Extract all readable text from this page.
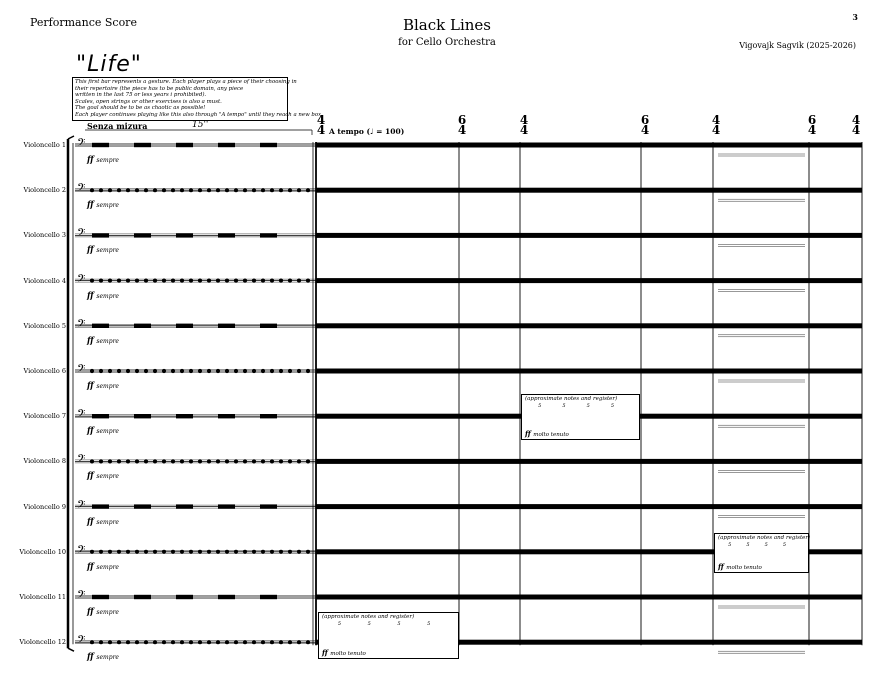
Performance Score	Black Lines
for Cello Orchestra	Vigovajk Sagvik (2025-2026)
3
"Life"
This first bar represents a gesture. Each player plays a piece of their choosing in
their repertoire (the piece has to be public domain, any piece
written in the last 75 or less years i prohibited).
Scales, open strings or other exercises is also a must.
The goal should be to be as chaotic as possible!
Each player continues playing like this also through "A tempo" until they reach a new box.
Senza mizura	15''
A tempo (♩ = 100)
4
4
6
4
4
4
6
4
4
4
6
4
4
4
Violoncello 1 𝄢
ff sempre
Violoncello 2 𝄢
ff sempre
Violoncello 3 𝄢
ff sempre
Violoncello 4 𝄢
ff sempre
Violoncello 5 𝄢
ff sempre
Violoncello 6 𝄢
ff sempre
Violoncello 7 𝄢
ff sempre
Violoncello 8 𝄢
ff sempre
Violoncello 9 𝄢
ff sempre
Violoncello 10 𝄢
ff sempre
Violoncello 11 𝄢
ff sempre
Violoncello 12 𝄢
ff sempre
(approximate notes and register)
ff molto tenuto
5	5	5	5
(approximate notes and register)
ff molto tenuto
5	5	5	5
(approximate notes and register)
ff molto tenuto
5	5	5	5
